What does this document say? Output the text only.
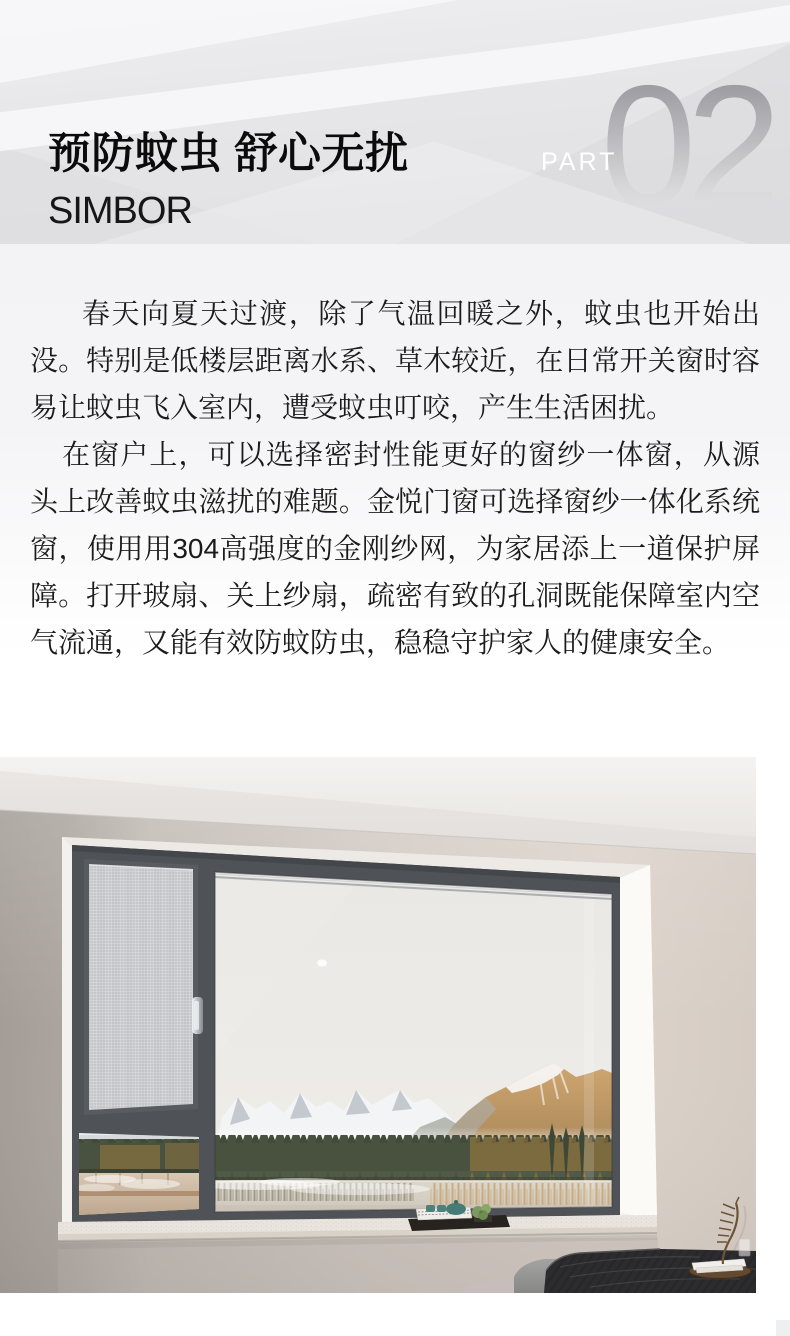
02
PART
预防蚊虫 舒心无扰
SIMBOR

春天向夏天过渡，除了气温回暖之外，蚊虫也开始出没。特别是低楼层距离水系、草木较近，在日常开关窗时容易让蚊虫飞入室内，遭受蚊虫叮咬，产生生活困扰。

在窗户上，可以选择密封性能更好的窗纱一体窗，从源头上改善蚊虫滋扰的难题。金悦门窗可选择窗纱一体化系统窗，使用用304高强度的金刚纱网，为家居添上一道保护屏障。打开玻扇、关上纱扇，疏密有致的孔洞既能保障室内空气流通，又能有效防蚊防虫，稳稳守护家人的健康安全。
